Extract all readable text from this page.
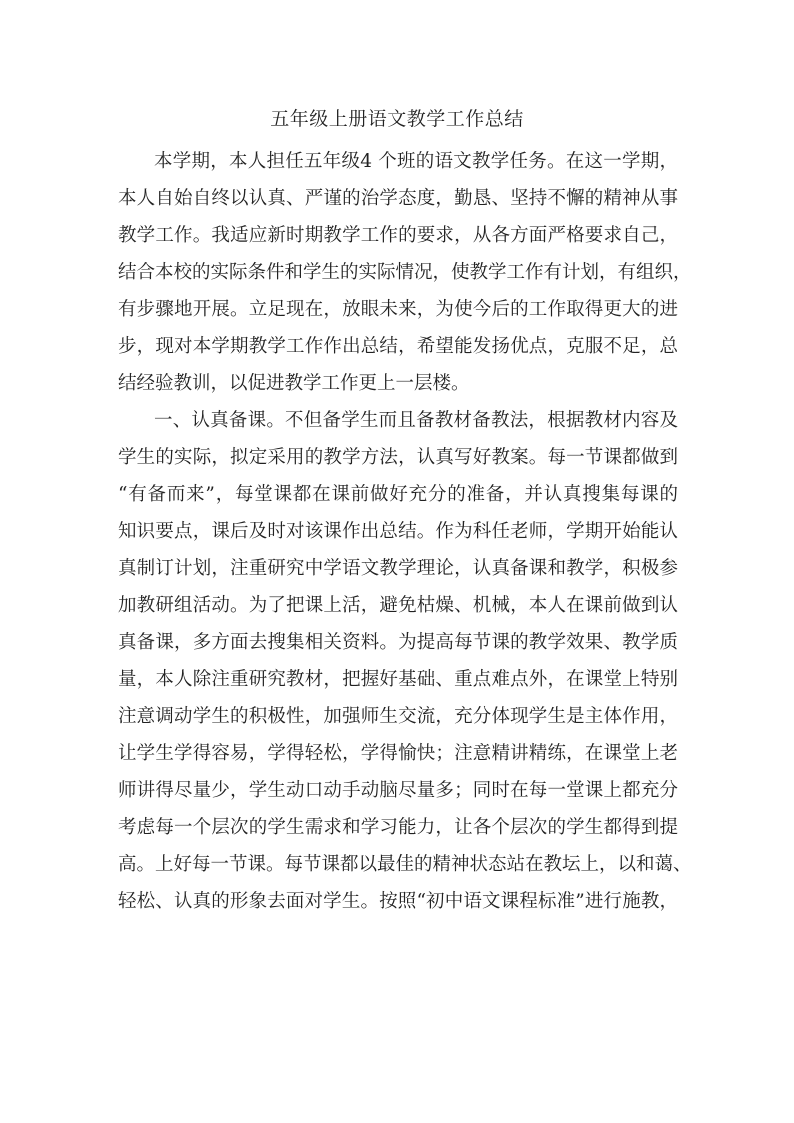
五年级上册语文教学工作总结
本学期，本人担任五年级4 个班的语文教学任务。在这一学期，
本人自始自终以认真、严谨的治学态度，勤恳、坚持不懈的精神从事
教学工作。我适应新时期教学工作的要求，从各方面严格要求自己，
结合本校的实际条件和学生的实际情况，使教学工作有计划，有组织，
有步骤地开展。立足现在，放眼未来，为使今后的工作取得更大的进
步，现对本学期教学工作作出总结，希望能发扬优点，克服不足，总
结经验教训，以促进教学工作更上一层楼。
一、认真备课。不但备学生而且备教材备教法，根据教材内容及
学生的实际，拟定采用的教学方法，认真写好教案。每一节课都做到
“有备而来”，每堂课都在课前做好充分的准备，并认真搜集每课的
知识要点，课后及时对该课作出总结。作为科任老师，学期开始能认
真制订计划，注重研究中学语文教学理论，认真备课和教学，积极参
加教研组活动。为了把课上活，避免枯燥、机械，本人在课前做到认
真备课，多方面去搜集相关资料。为提高每节课的教学效果、教学质
量，本人除注重研究教材，把握好基础、重点难点外，在课堂上特别
注意调动学生的积极性，加强师生交流，充分体现学生是主体作用，
让学生学得容易，学得轻松，学得愉快；注意精讲精练，在课堂上老
师讲得尽量少，学生动口动手动脑尽量多；同时在每一堂课上都充分
考虑每一个层次的学生需求和学习能力，让各个层次的学生都得到提
高。上好每一节课。每节课都以最佳的精神状态站在教坛上，以和蔼、
轻松、认真的形象去面对学生。按照“初中语文课程标准”进行施教，
